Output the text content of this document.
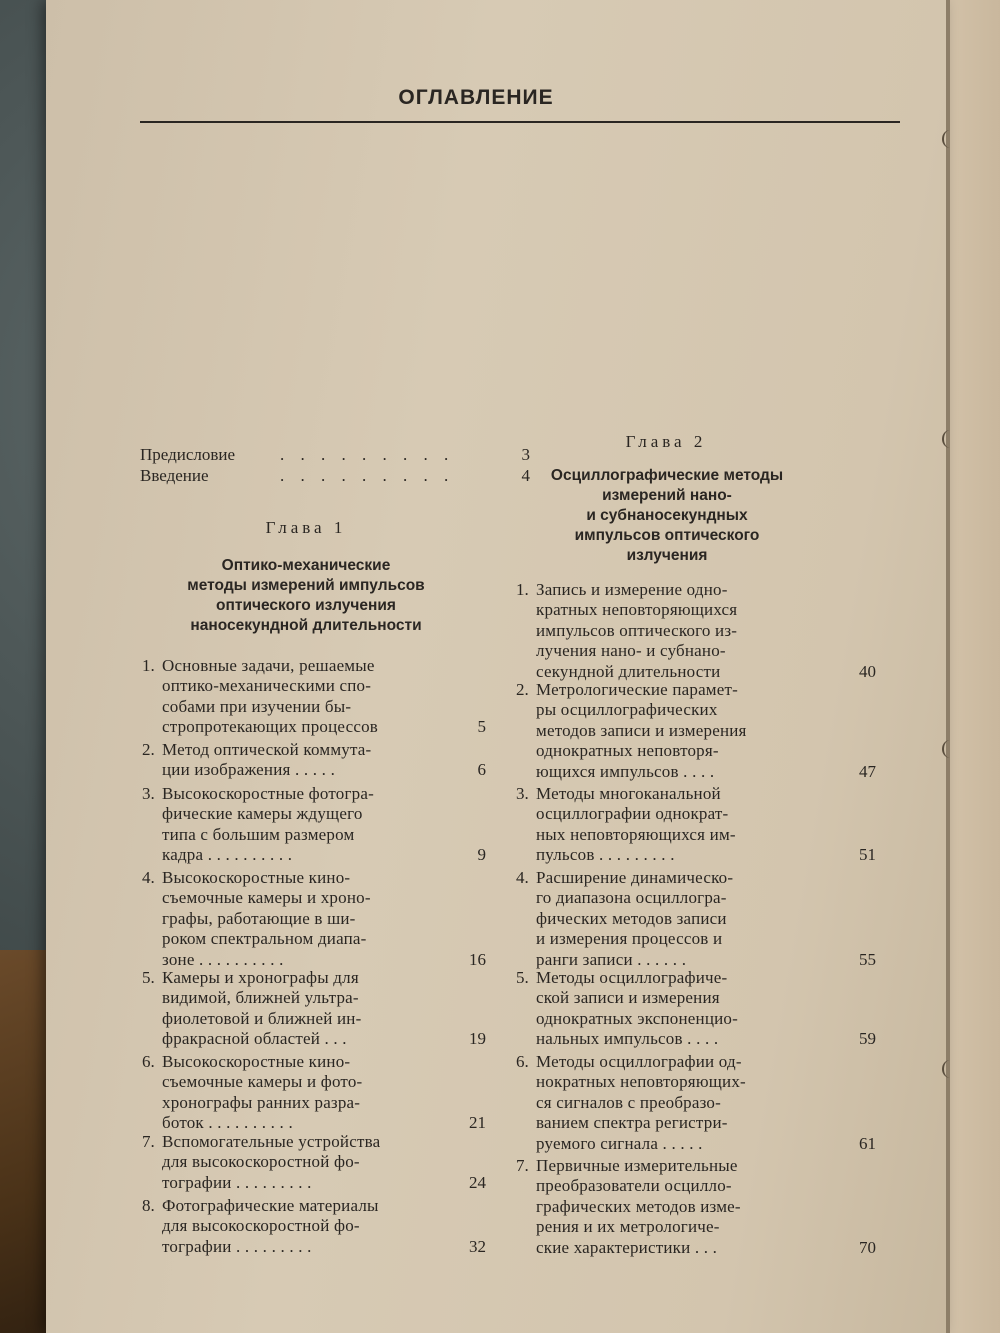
ОГЛАВЛЕНИЕ
Предисловие	. . . . . . . . .	3
Введение	. . . . . . . . .	4
Глава 1
Оптико-механические
методы измерений импульсов
оптического излучения
наносекундной длительности
1. Основные задачи, решаемые
оптико-механическими спо-
собами при изучении бы-
стропротекающих процессов	5
2. Метод оптической коммута-
ции изображения . . . . .	6
3. Высокоскоростные фотогра-
фические камеры ждущего
типа с большим размером
кадра . . . . . . . . . .	9
4. Высокоскоростные кино-
съемочные камеры и хроно-
графы, работающие в ши-
роком спектральном диапа-
зоне . . . . . . . . . .	16
5. Камеры и хронографы для
видимой, ближней ультра-
фиолетовой и ближней ин-
фракрасной областей . . .	19
6. Высокоскоростные кино-
съемочные камеры и фото-
хронографы ранних разра-
боток . . . . . . . . . .	21
7. Вспомогательные устройства
для высокоскоростной фо-
тографии . . . . . . . . .	24
8. Фотографические материалы
для высокоскоростной фо-
тографии . . . . . . . . .	32
Глава 2
Осциллографические методы
измерений нано-
и субнаносекундных
импульсов оптического
излучения
1. Запись и измерение одно-
кратных неповторяющихся
импульсов оптического из-
лучения нано- и субнано-
секундной длительности	40
2. Метрологические парамет-
ры осциллографических
методов записи и измерения
однократных неповторя-
ющихся импульсов . . . .	47
3. Методы многоканальной
осциллографии однократ-
ных неповторяющихся им-
пульсов . . . . . . . . .	51
4. Расширение динамическо-
го диапазона осциллогра-
фических методов записи
и измерения процессов и
ранги записи . . . . . .	55
5. Методы осциллографиче-
ской записи и измерения
однократных экспоненцио-
нальных импульсов . . . .	59
6. Методы осциллографии од-
нократных неповторяющих-
ся сигналов с преобразо-
ванием спектра регистри-
руемого сигнала . . . . .	61
7. Первичные измерительные
преобразователи осцилло-
графических методов изме-
рения и их метрологиче-
ские характеристики . . .	70
